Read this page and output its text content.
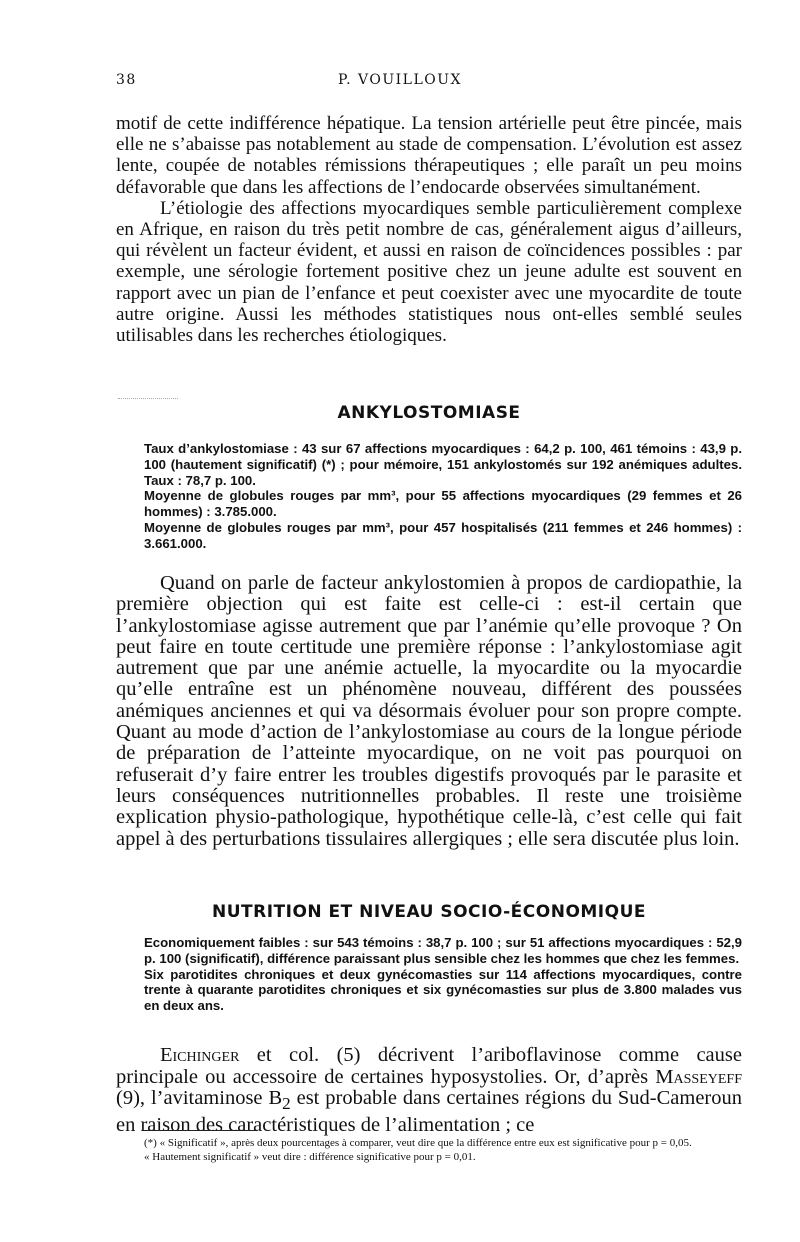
38	P. VOUILLOUX

motif de cette indifférence hépatique. La tension artérielle peut être pincée, mais elle ne s’abaisse pas notablement au stade de compensation. L’évolution est assez lente, coupée de notables rémissions thérapeutiques ; elle paraît un peu moins défavorable que dans les affections de l’endocarde observées simultanément.

L’étiologie des affections myocardiques semble particulièrement complexe en Afrique, en raison du très petit nombre de cas, généralement aigus d’ailleurs, qui révèlent un facteur évident, et aussi en raison de coïncidences possibles : par exemple, une sérologie fortement positive chez un jeune adulte est souvent en rapport avec un pian de l’enfance et peut coexister avec une myocardite de toute autre origine. Aussi les méthodes statistiques nous ont-elles semblé seules utilisables dans les recherches étiologiques.

ANKYLOSTOMIASE

Taux d’ankylostomiase : 43 sur 67 affections myocardiques : 64,2 p. 100, 461 témoins : 43,9 p. 100 (hautement significatif) (*) ; pour mémoire, 151 ankylostomés sur 192 anémiques adultes. Taux : 78,7 p. 100.

Moyenne de globules rouges par mm³, pour 55 affections myocardiques (29 femmes et 26 hommes) : 3.785.000.

Moyenne de globules rouges par mm³, pour 457 hospitalisés (211 femmes et 246 hommes) : 3.661.000.

Quand on parle de facteur ankylostomien à propos de cardiopathie, la première objection qui est faite est celle-ci : est-il certain que l’ankylostomiase agisse autrement que par l’anémie qu’elle provoque ? On peut faire en toute certitude une première réponse : l’ankylostomiase agit autrement que par une anémie actuelle, la myocardite ou la myocardie qu’elle entraîne est un phénomène nouveau, différent des poussées anémiques anciennes et qui va désormais évoluer pour son propre compte. Quant au mode d’action de l’ankylostomiase au cours de la longue période de préparation de l’atteinte myocardique, on ne voit pas pourquoi on refuserait d’y faire entrer les troubles digestifs provoqués par le parasite et leurs conséquences nutritionnelles probables. Il reste une troisième explication physio-pathologique, hypothétique celle-là, c’est celle qui fait appel à des perturbations tissulaires allergiques ; elle sera discutée plus loin.

NUTRITION ET NIVEAU SOCIO-ÉCONOMIQUE

Economiquement faibles : sur 543 témoins : 38,7 p. 100 ; sur 51 affections myocardiques : 52,9 p. 100 (significatif), différence paraissant plus sensible chez les hommes que chez les femmes.

Six parotidites chroniques et deux gynécomasties sur 114 affections myocardiques, contre trente à quarante parotidites chroniques et six gynécomasties sur plus de 3.800 malades vus en deux ans.

Eichinger et col. (5) décrivent l’ariboflavinose comme cause principale ou accessoire de certaines hyposystolies. Or, d’après Masseyeff (9), l’avitaminose $B_2$ est probable dans certaines régions du Sud-Cameroun en raison des caractéristiques de l’alimentation ; ce

(*) « Significatif », après deux pourcentages à comparer, veut dire que la différence entre eux est significative pour p = 0,05.

« Hautement significatif » veut dire : différence significative pour p = 0,01.
